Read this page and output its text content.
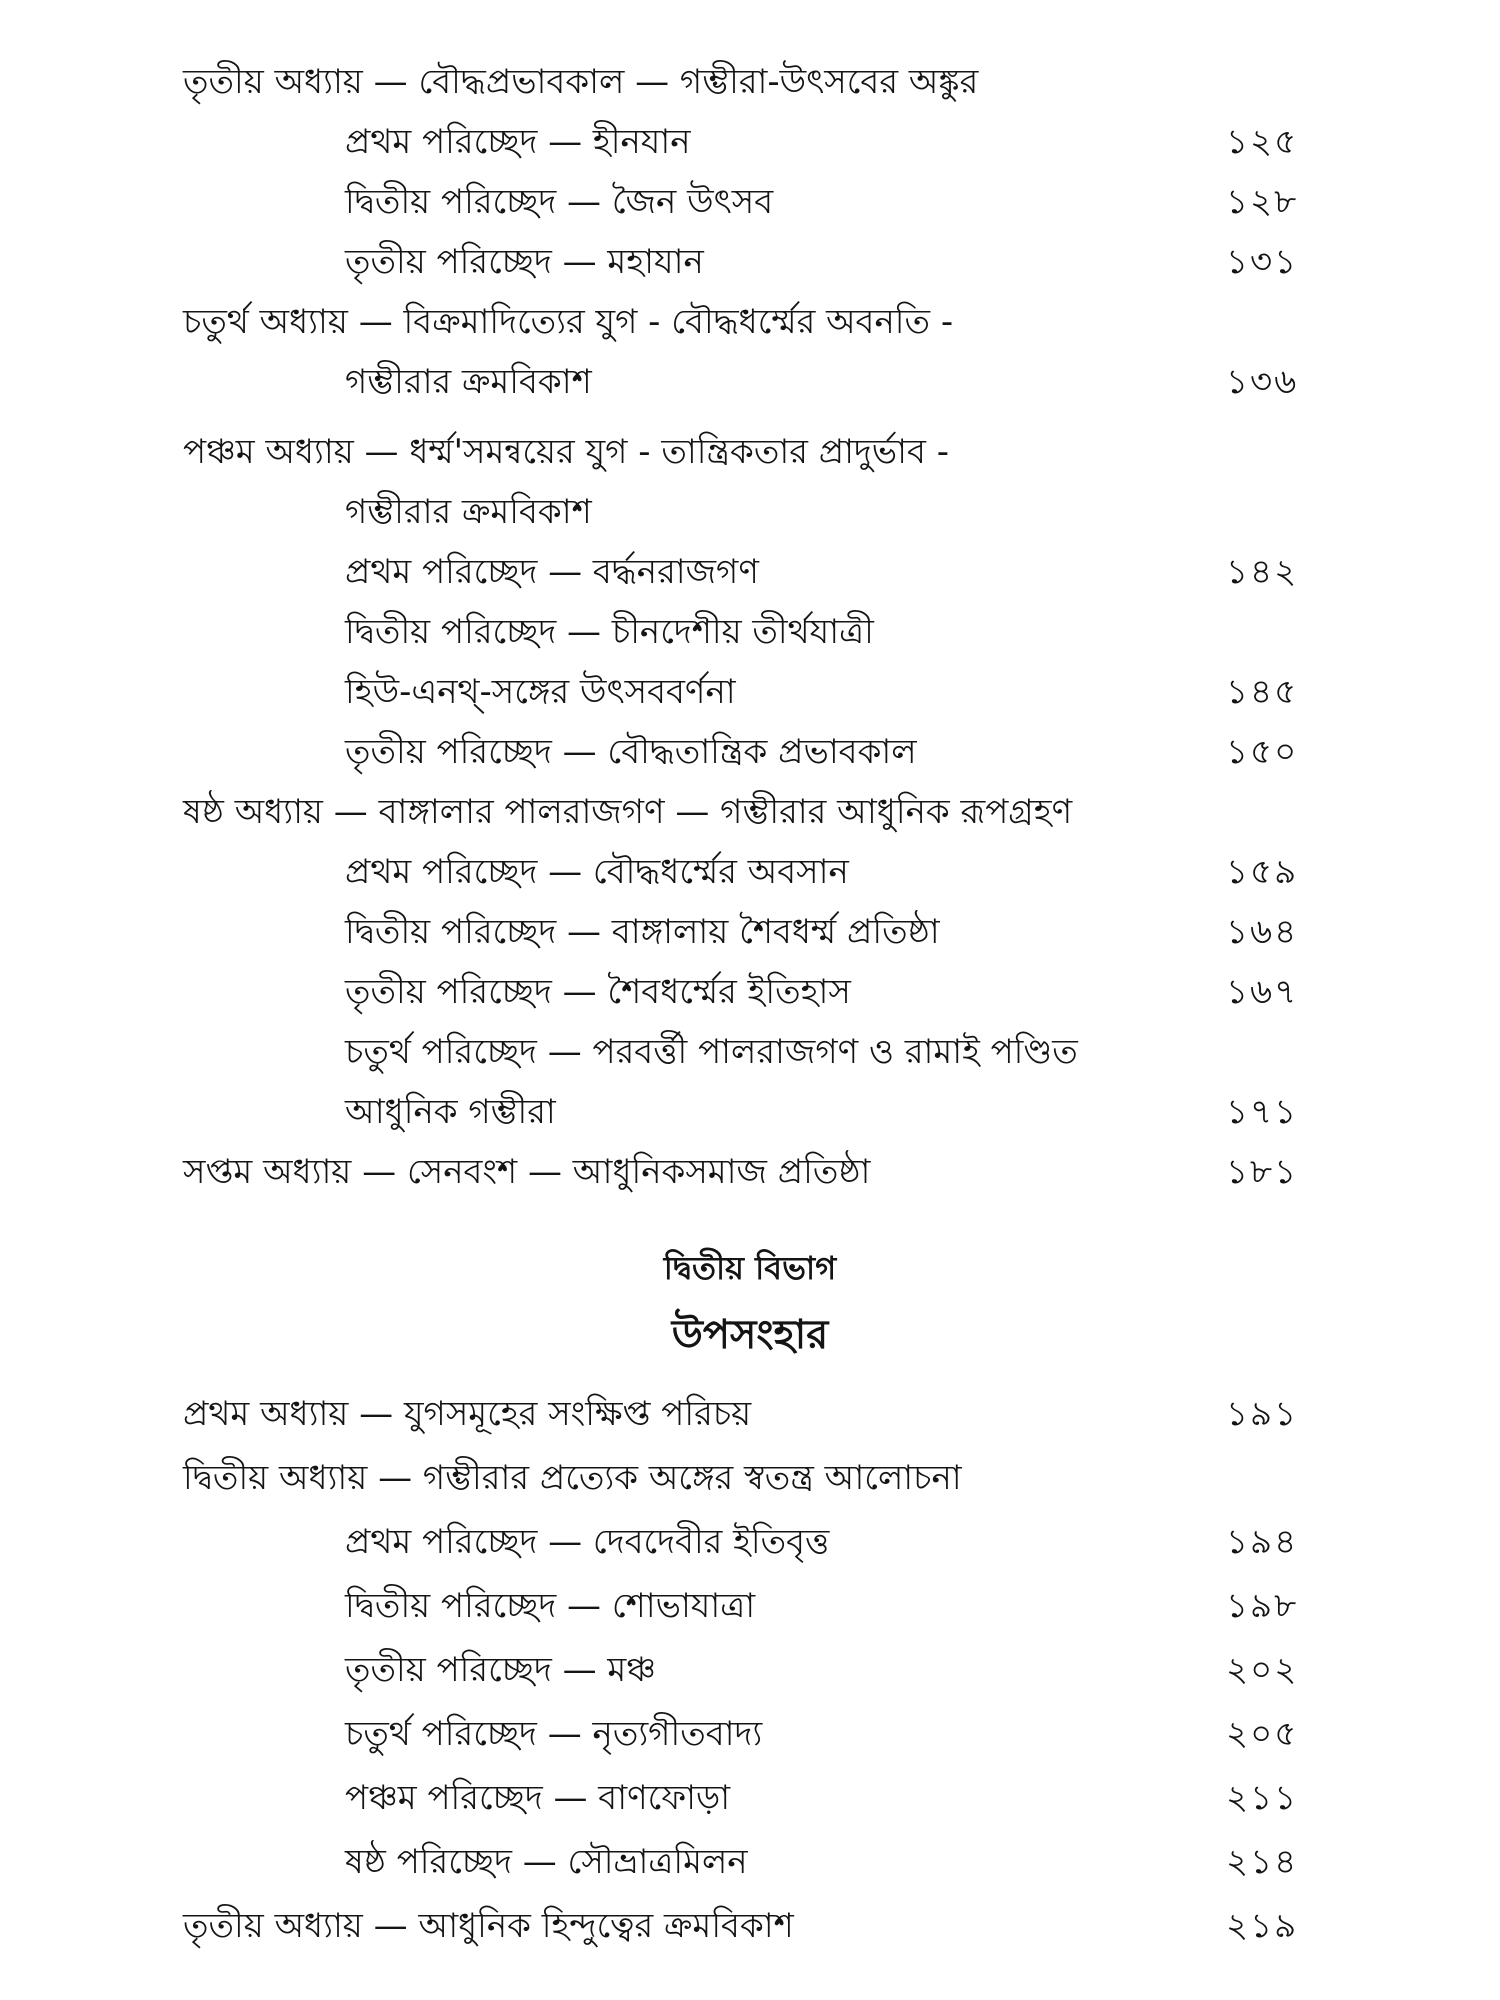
তৃতীয় অধ্যায় — বৌদ্ধপ্রভাবকাল — গম্ভীরা-উৎসবের অঙ্কুর
প্রথম পরিচ্ছেদ — হীনযান	১২৫
দ্বিতীয় পরিচ্ছেদ — জৈন উৎসব	১২৮
তৃতীয় পরিচ্ছেদ — মহাযান	১৩১
চতুর্থ অধ্যায় — বিক্রমাদিত্যের যুগ - বৌদ্ধধর্ম্মের অবনতি -
গম্ভীরার ক্রমবিকাশ	১৩৬
পঞ্চম অধ্যায় — ধর্ম্ম'সমন্বয়ের যুগ - তান্ত্রিকতার প্রাদুর্ভাব -
গম্ভীরার ক্রমবিকাশ
প্রথম পরিচ্ছেদ — বর্দ্ধনরাজগণ	১৪২
দ্বিতীয় পরিচ্ছেদ — চীনদেশীয় তীর্থযাত্রী
হিউ-এনথ্-সঙ্গের উৎসববর্ণনা	১৪৫
তৃতীয় পরিচ্ছেদ — বৌদ্ধতান্ত্রিক প্রভাবকাল	১৫০
ষষ্ঠ অধ্যায় — বাঙ্গালার পালরাজগণ — গম্ভীরার আধুনিক রূপগ্রহণ
প্রথম পরিচ্ছেদ — বৌদ্ধধর্ম্মের অবসান	১৫৯
দ্বিতীয় পরিচ্ছেদ — বাঙ্গালায় শৈবধর্ম্ম প্রতিষ্ঠা	১৬৪
তৃতীয় পরিচ্ছেদ — শৈবধর্ম্মের ইতিহাস	১৬৭
চতুর্থ পরিচ্ছেদ — পরবর্ত্তী পালরাজগণ ও রামাই পণ্ডিত
আধুনিক গম্ভীরা	১৭১
সপ্তম অধ্যায় — সেনবংশ — আধুনিকসমাজ প্রতিষ্ঠা	১৮১
দ্বিতীয় বিভাগ
উপসংহার
প্রথম অধ্যায় — যুগসমূহের সংক্ষিপ্ত পরিচয়	১৯১
দ্বিতীয় অধ্যায় — গম্ভীরার প্রত্যেক অঙ্গের স্বতন্ত্র আলোচনা
প্রথম পরিচ্ছেদ — দেবদেবীর ইতিবৃত্ত	১৯৪
দ্বিতীয় পরিচ্ছেদ — শোভাযাত্রা	১৯৮
তৃতীয় পরিচ্ছেদ — মঞ্চ	২০২
চতুর্থ পরিচ্ছেদ — নৃত্যগীতবাদ্য	২০৫
পঞ্চম পরিচ্ছেদ — বাণফোড়া	২১১
ষষ্ঠ পরিচ্ছেদ — সৌভ্রাত্রমিলন	২১৪
তৃতীয় অধ্যায় — আধুনিক হিন্দুত্বের ক্রমবিকাশ	২১৯
